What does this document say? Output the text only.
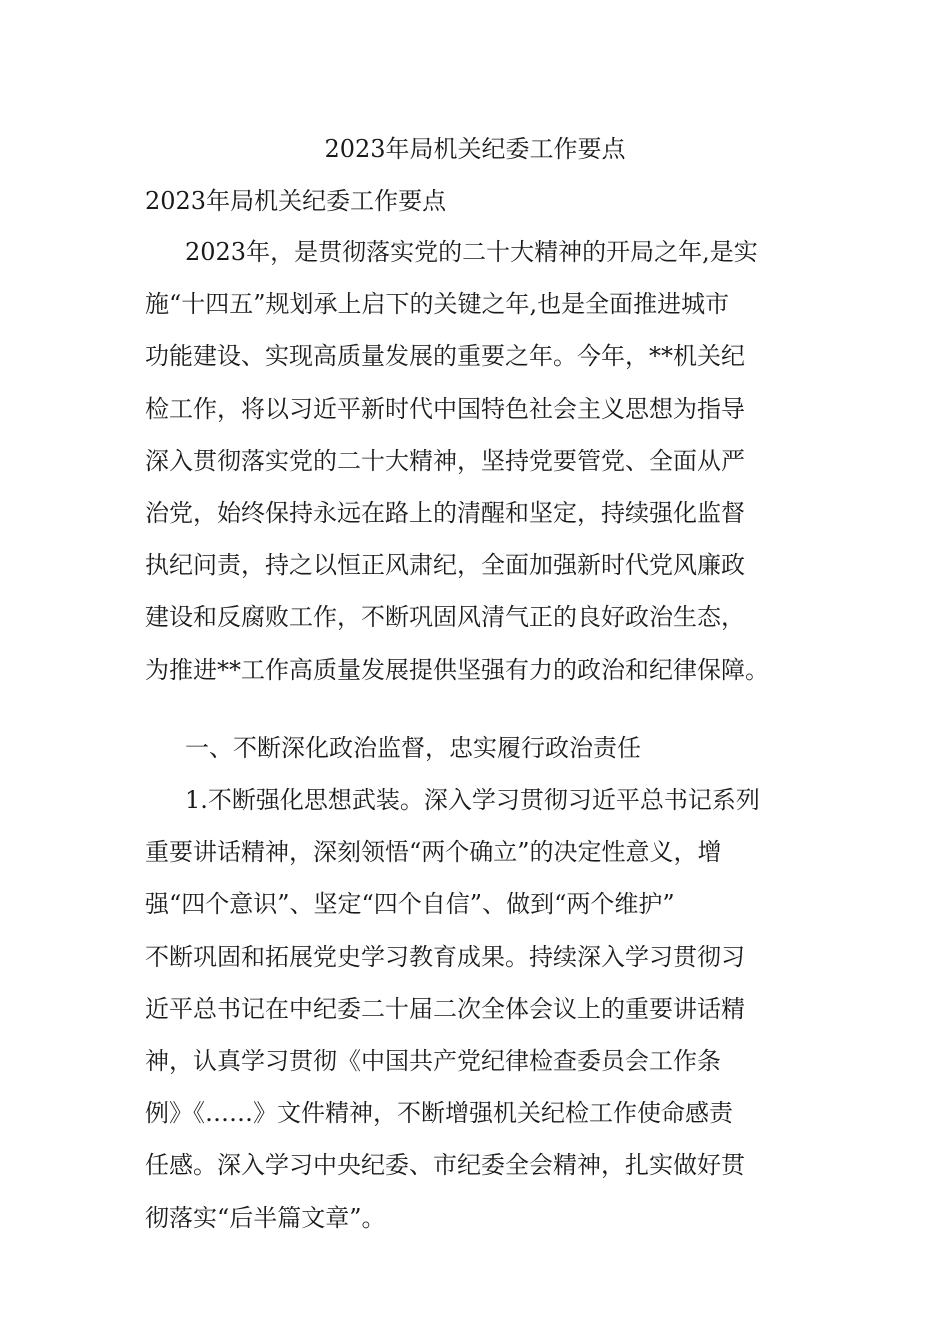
2023年局机关纪委工作要点
2023年局机关纪委工作要点

2023年，是贯彻落实党的二十大精神的开局之年,是实
施“十四五”规划承上启下的关键之年,也是全面推进城市
功能建设、实现高质量发展的重要之年。今年，**机关纪
检工作，将以习近平新时代中国特色社会主义思想为指导
深入贯彻落实党的二十大精神，坚持党要管党、全面从严
治党，始终保持永远在路上的清醒和坚定，持续强化监督
执纪问责，持之以恒正风肃纪，全面加强新时代党风廉政
建设和反腐败工作，不断巩固风清气正的良好政治生态，
为推进**工作高质量发展提供坚强有力的政治和纪律保障。

一、不断深化政治监督，忠实履行政治责任

1.不断强化思想武装。深入学习贯彻习近平总书记系列
重要讲话精神，深刻领悟“两个确立”的决定性意义，增
强“四个意识”、坚定“四个自信”、做到“两个维护”
不断巩固和拓展党史学习教育成果。持续深入学习贯彻习
近平总书记在中纪委二十届二次全体会议上的重要讲话精
神，认真学习贯彻《中国共产党纪律检查委员会工作条
例》《……》文件精神，不断增强机关纪检工作使命感责
任感。深入学习中央纪委、市纪委全会精神，扎实做好贯
彻落实“后半篇文章”。
